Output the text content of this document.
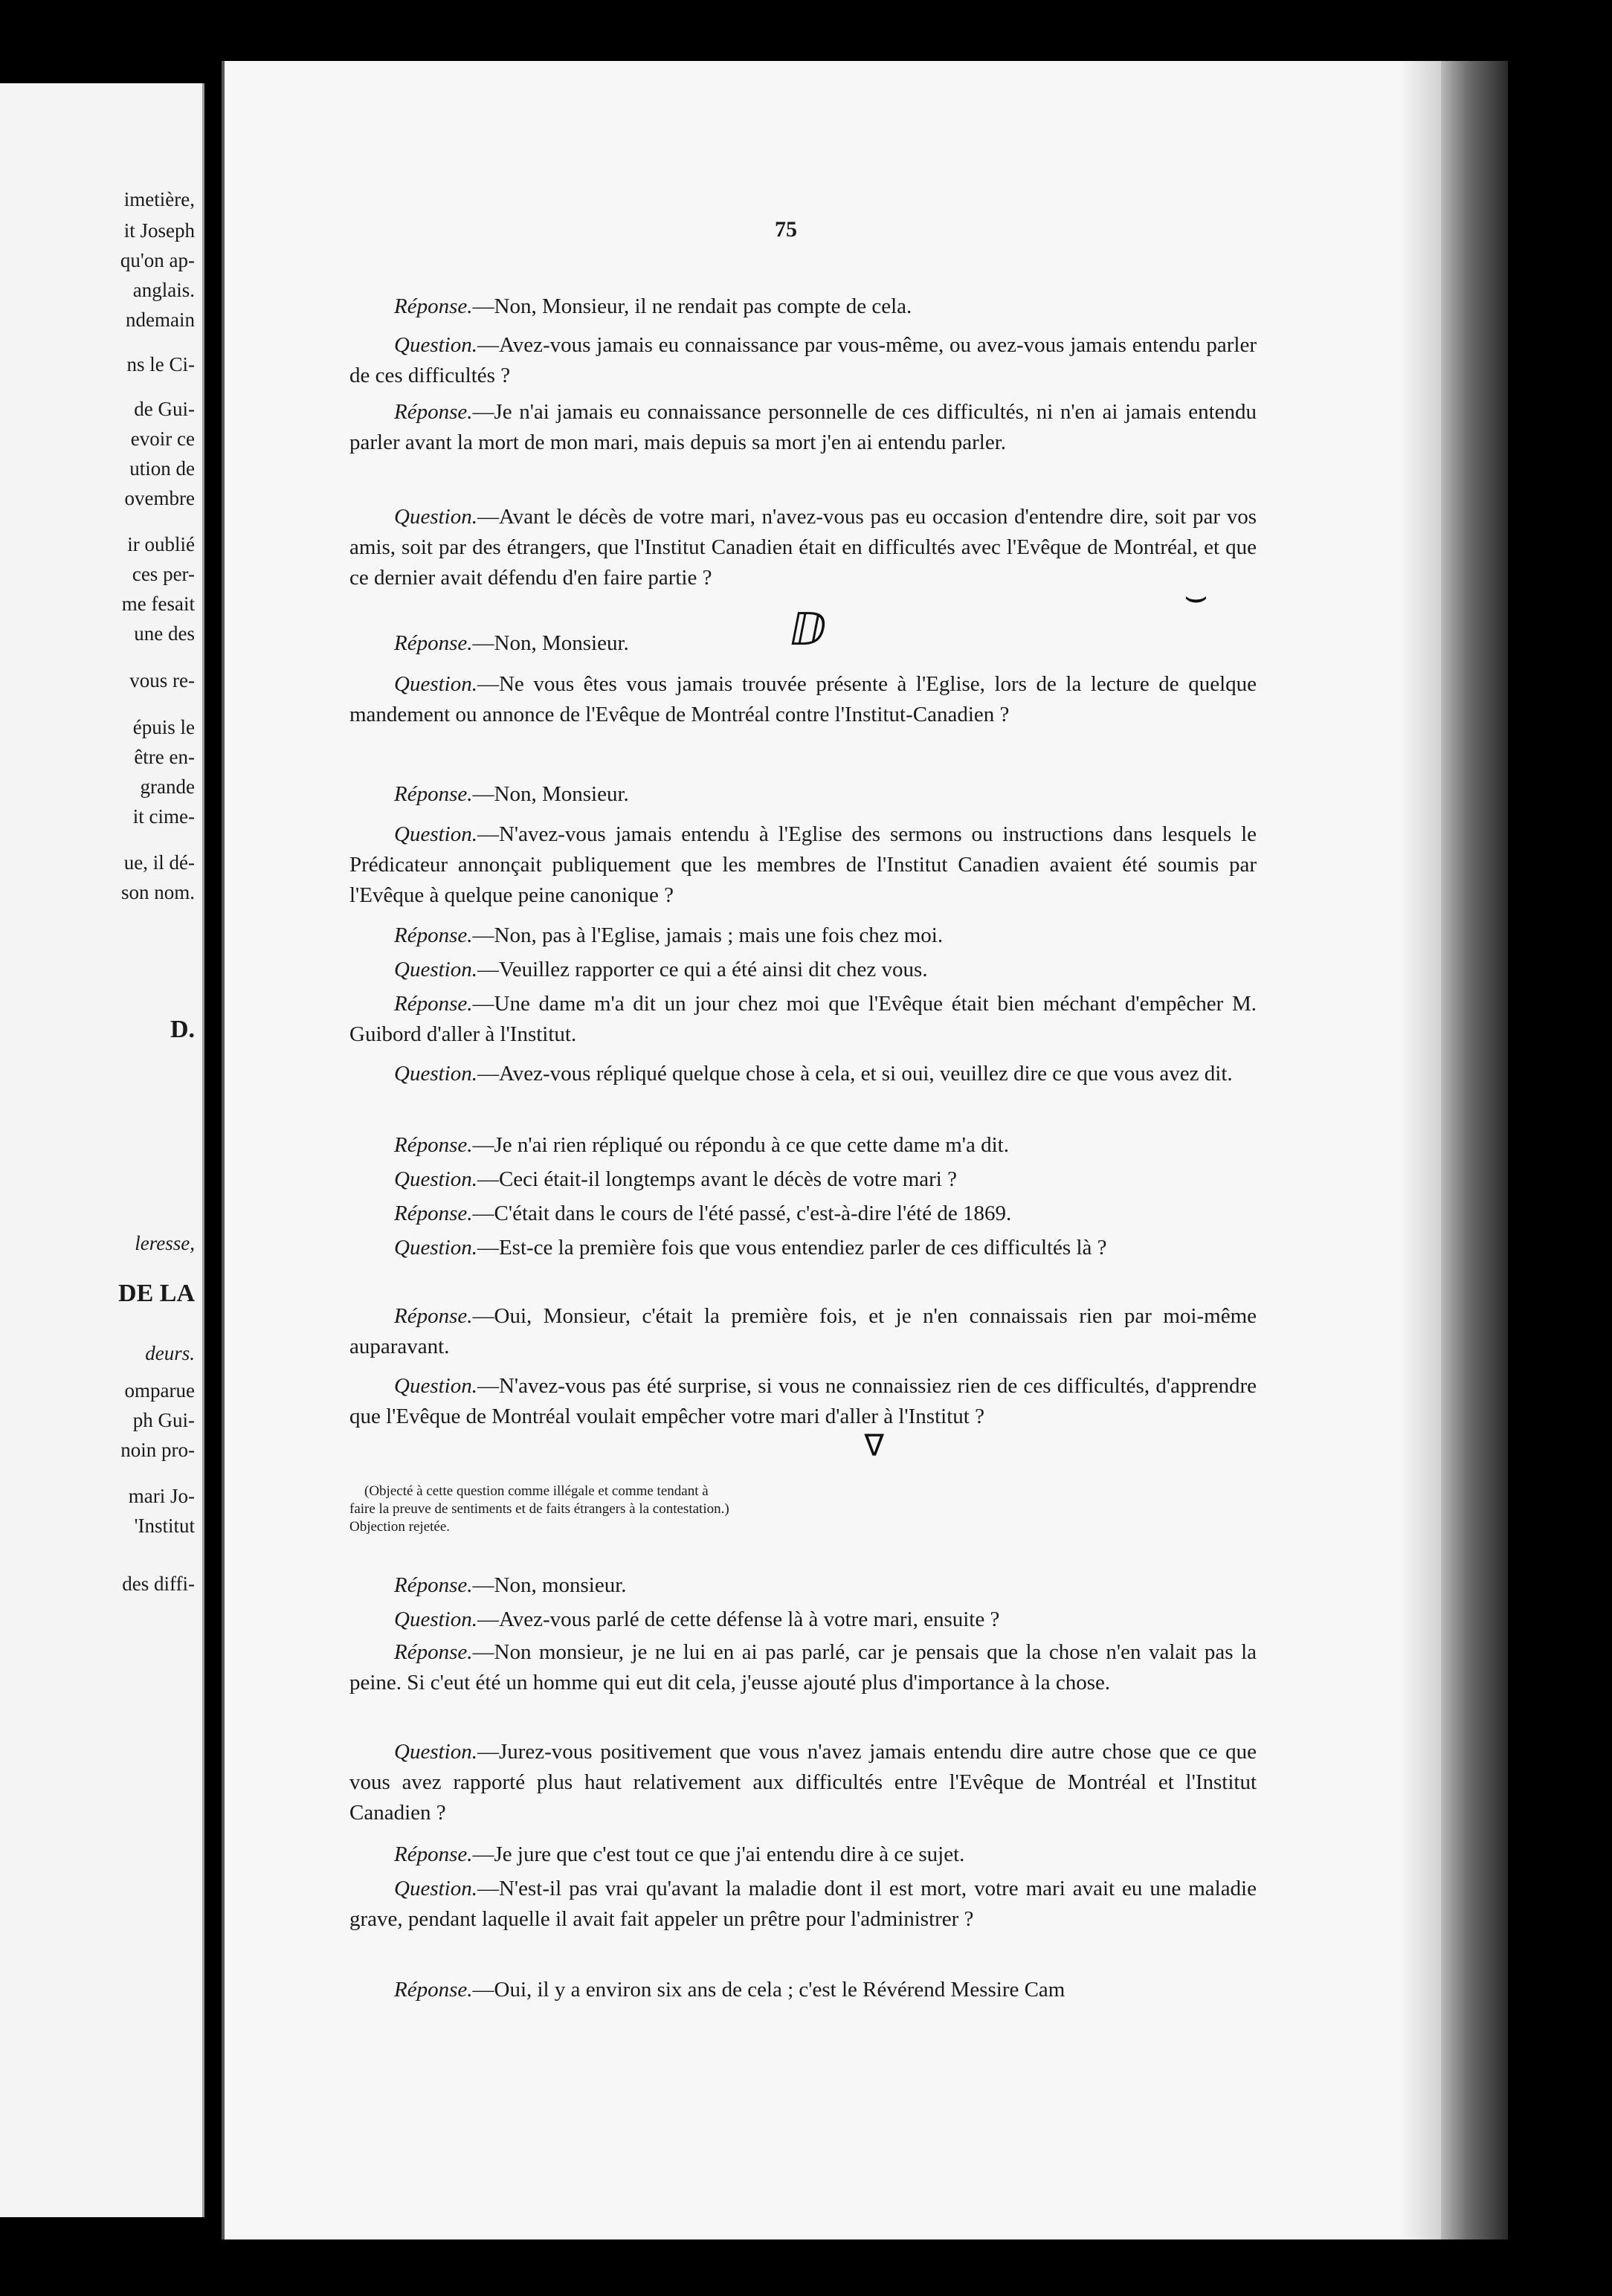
imetière,

it Joseph

qu'on ap-

anglais.

ndemain

ns le Ci-

de Gui-

evoir ce

ution de

ovembre

ir oublié

ces per-

me fesait

une des

vous re-

épuis le

être en-

grande

it cime-

ue, il dé-

son nom.

D.

leresse,

DE LA

deurs.

omparue

ph Gui-

noin pro-

mari Jo-

'Institut

des diffi-

75

Réponse.—Non, Monsieur, il ne rendait pas compte de cela.

Question.—Avez-vous jamais eu connaissance par vous-même, ou avez-vous jamais entendu parler de ces difficultés ?

Réponse.—Je n'ai jamais eu connaissance personnelle de ces difficultés, ni n'en ai jamais entendu parler avant la mort de mon mari, mais depuis sa mort j'en ai entendu parler.

Question.—Avant le décès de votre mari, n'avez-vous pas eu occasion d'entendre dire, soit par vos amis, soit par des étrangers, que l'Institut Canadien était en difficultés avec l'Evêque de Montréal, et que ce dernier avait défendu d'en faire partie ?

Réponse.—Non, Monsieur.

Question.—Ne vous êtes vous jamais trouvée présente à l'Eglise, lors de la lecture de quelque mandement ou annonce de l'Evêque de Montréal contre l'Institut-Canadien ?

Réponse.—Non, Monsieur.

Question.—N'avez-vous jamais entendu à l'Eglise des sermons ou instructions dans lesquels le Prédicateur annonçait publiquement que les membres de l'Institut Canadien avaient été soumis par l'Evêque à quelque peine canonique ?

Réponse.—Non, pas à l'Eglise, jamais ; mais une fois chez moi.

Question.—Veuillez rapporter ce qui a été ainsi dit chez vous.

Réponse.—Une dame m'a dit un jour chez moi que l'Evêque était bien méchant d'empêcher M. Guibord d'aller à l'Institut.

Question.—Avez-vous répliqué quelque chose à cela, et si oui, veuillez dire ce que vous avez dit.

Réponse.—Je n'ai rien répliqué ou répondu à ce que cette dame m'a dit.

Question.—Ceci était-il longtemps avant le décès de votre mari ?

Réponse.—C'était dans le cours de l'été passé, c'est-à-dire l'été de 1869.

Question.—Est-ce la première fois que vous entendiez parler de ces difficultés là ?

Réponse.—Oui, Monsieur, c'était la première fois, et je n'en connaissais rien par moi-même auparavant.

Question.—N'avez-vous pas été surprise, si vous ne connaissiez rien de ces difficultés, d'apprendre que l'Evêque de Montréal voulait empêcher votre mari d'aller à l'Institut ?

Réponse.—Non, monsieur.

Question.—Avez-vous parlé de cette défense là à votre mari, ensuite ?

Réponse.—Non monsieur, je ne lui en ai pas parlé, car je pensais que la chose n'en valait pas la peine. Si c'eut été un homme qui eut dit cela, j'eusse ajouté plus d'importance à la chose.

Question.—Jurez-vous positivement que vous n'avez jamais entendu dire autre chose que ce que vous avez rapporté plus haut relativement aux difficultés entre l'Evêque de Montréal et l'Institut Canadien ?

Réponse.—Je jure que c'est tout ce que j'ai entendu dire à ce sujet.

Question.—N'est-il pas vrai qu'avant la maladie dont il est mort, votre mari avait eu une maladie grave, pendant laquelle il avait fait appeler un prêtre pour l'administrer ?

Réponse.—Oui, il y a environ six ans de cela ; c'est le Révérend Messire Cam

(Objecté à cette question comme illégale et comme tendant à faire la preuve de sentiments et de faits étrangers à la contestation.) Objection rejetée.

ⅅ
⌣
ᐁ
